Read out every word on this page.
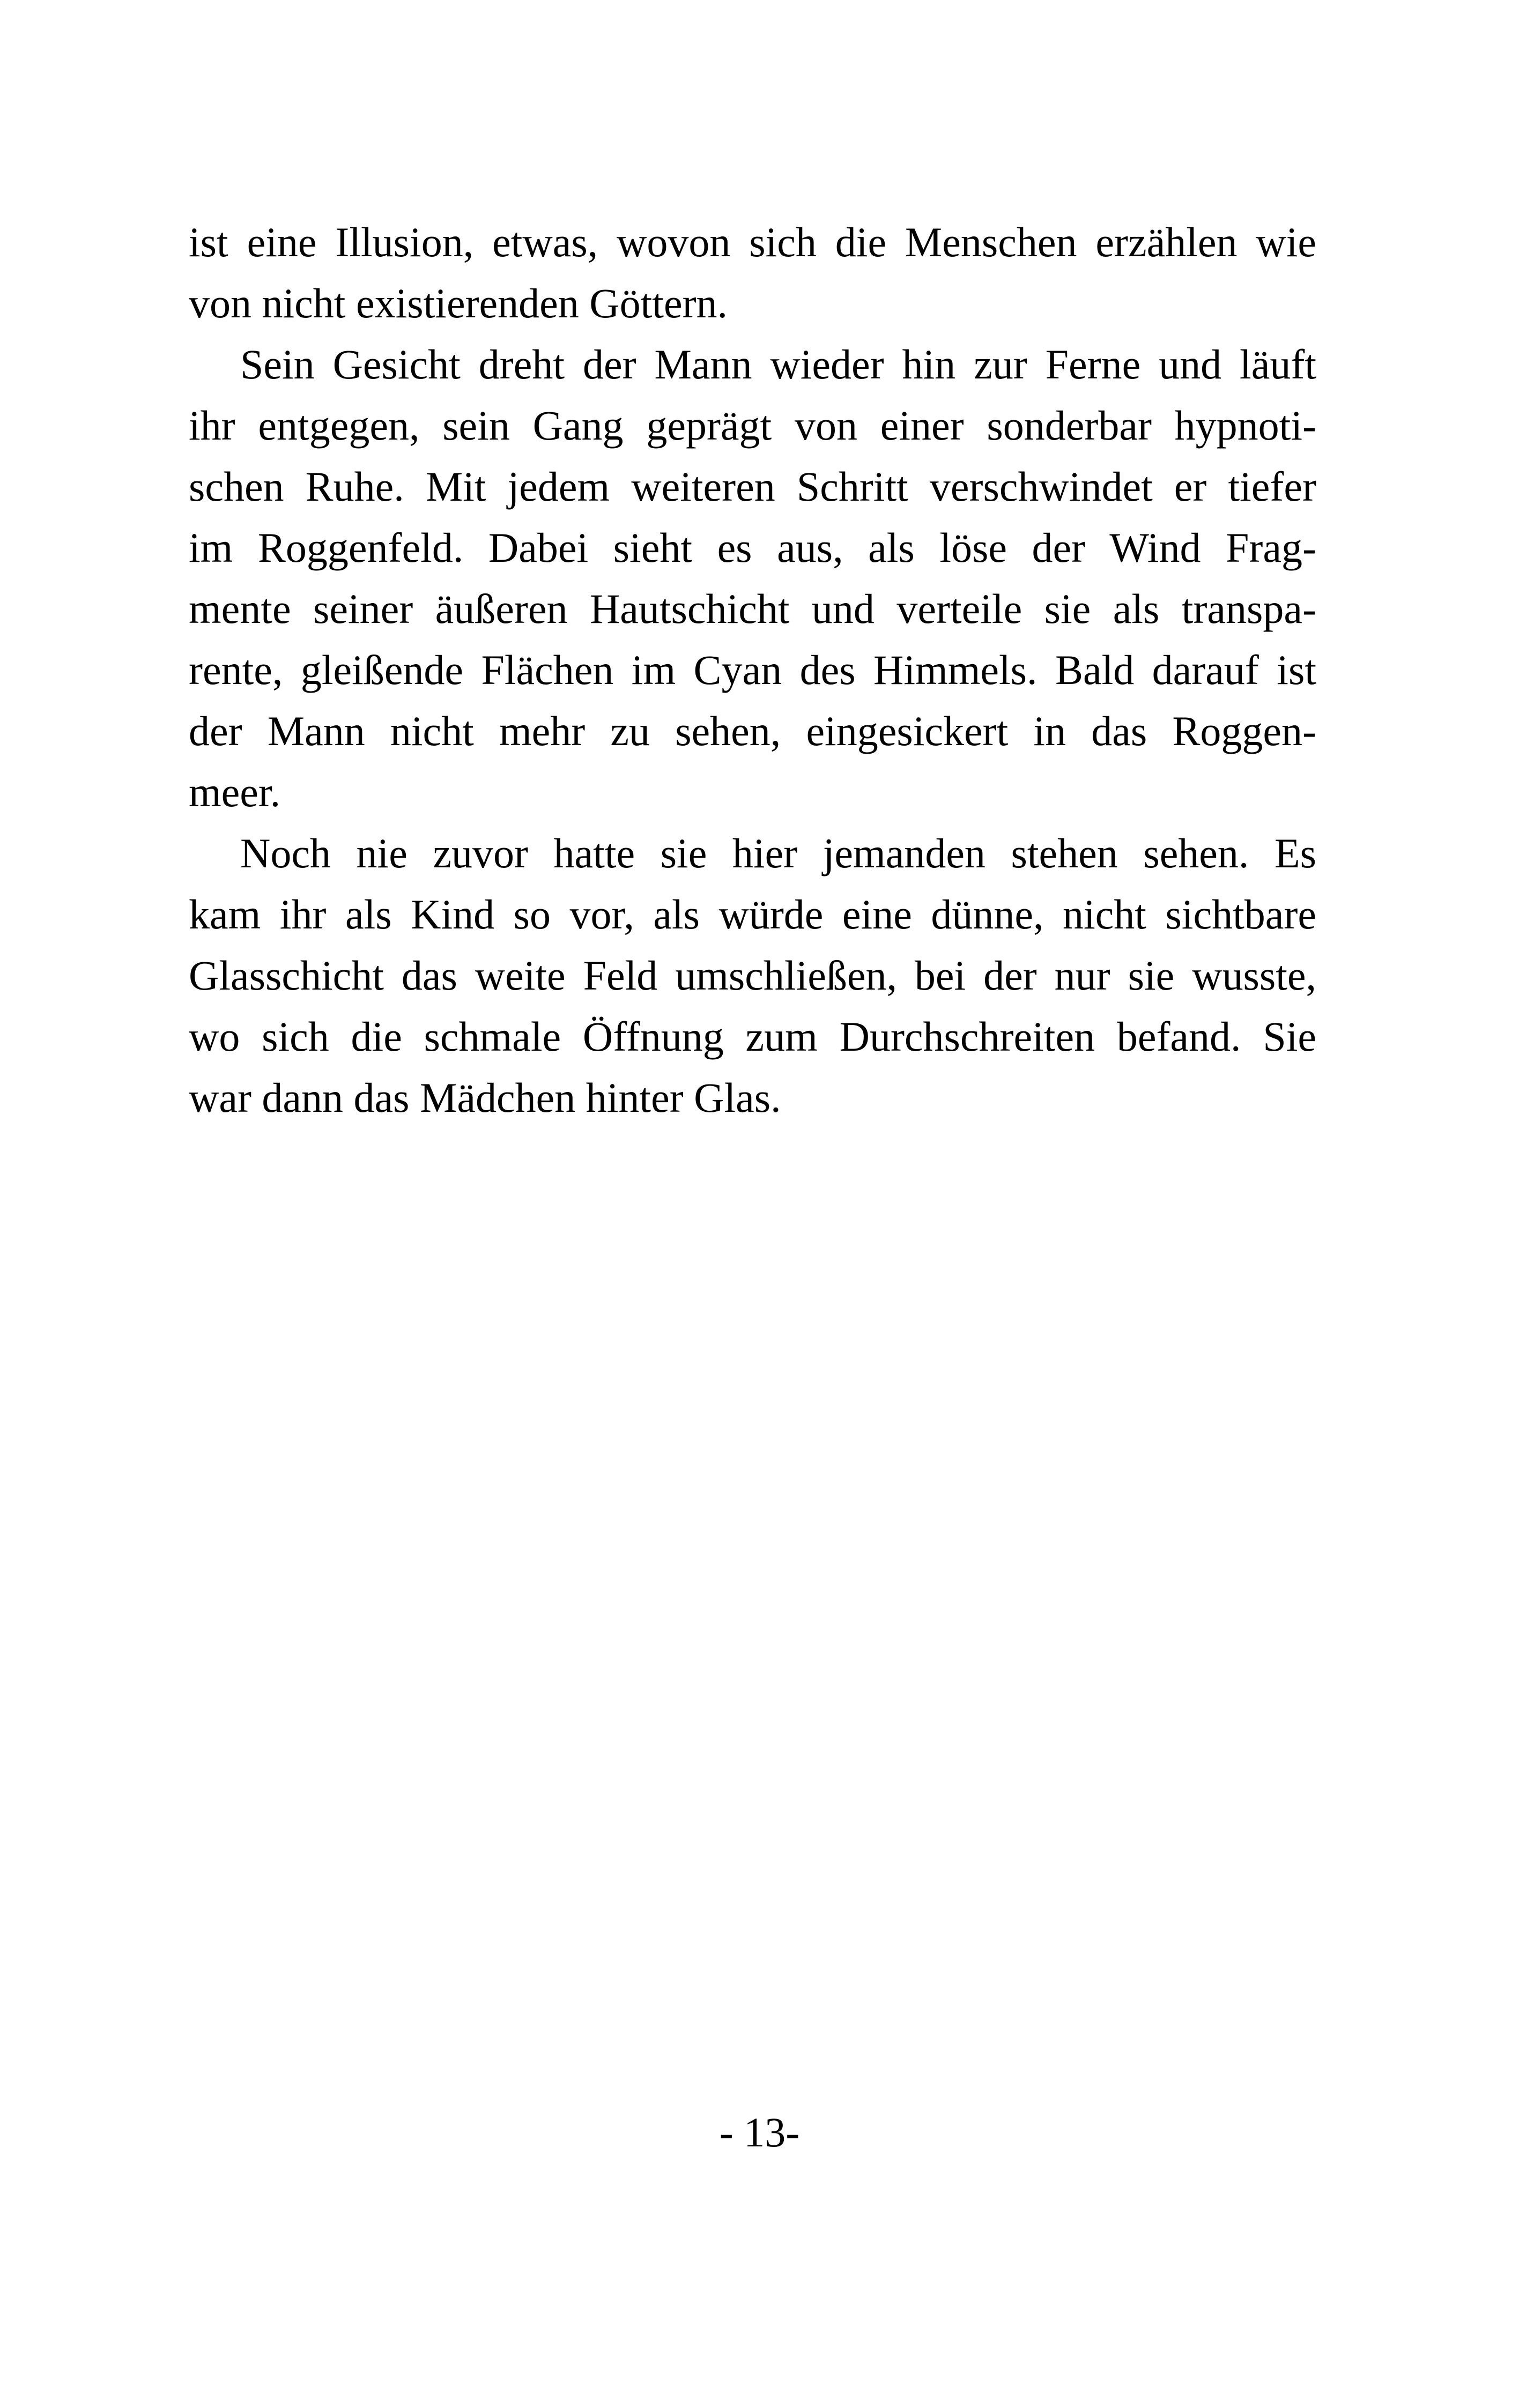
ist eine Illusion, etwas, wovon sich die Menschen erzählen wie
von nicht existierenden Göttern.
Sein Gesicht dreht der Mann wieder hin zur Ferne und läuft
ihr entgegen, sein Gang geprägt von einer sonderbar hypnoti-
schen Ruhe. Mit jedem weiteren Schritt verschwindet er tiefer
im Roggenfeld. Dabei sieht es aus, als löse der Wind Frag-
mente seiner äußeren Hautschicht und verteile sie als transpa-
rente, gleißende Flächen im Cyan des Himmels. Bald darauf ist
der Mann nicht mehr zu sehen, eingesickert in das Roggen-
meer.
Noch nie zuvor hatte sie hier jemanden stehen sehen. Es
kam ihr als Kind so vor, als würde eine dünne, nicht sichtbare
Glasschicht das weite Feld umschließen, bei der nur sie wusste,
wo sich die schmale Öffnung zum Durchschreiten befand. Sie
war dann das Mädchen hinter Glas.
- 13-
